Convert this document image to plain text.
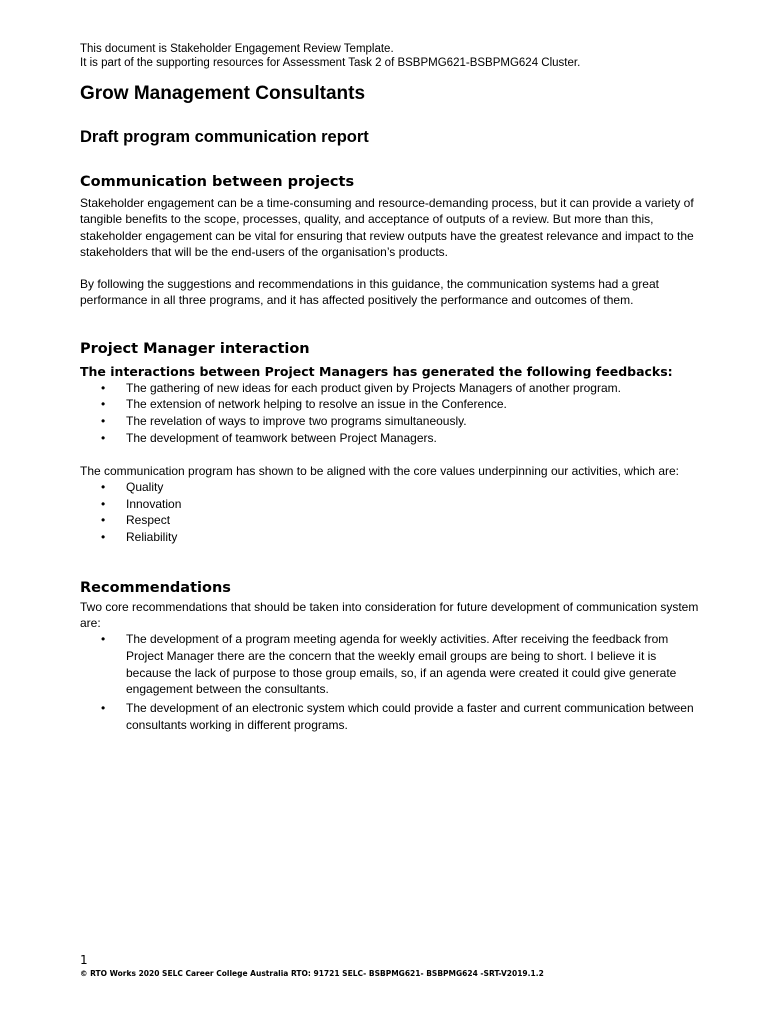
This document is Stakeholder Engagement Review Template.

It is part of the supporting resources for Assessment Task 2 of BSBPMG621-BSBPMG624 Cluster.

Grow Management Consultants
Draft program communication report
Communication between projects

Stakeholder engagement can be a time-consuming and resource-demanding process, but it can provide a variety of tangible benefits to the scope, processes, quality, and acceptance of outputs of a review. But more than this, stakeholder engagement can be vital for ensuring that review outputs have the greatest relevance and impact to the stakeholders that will be the end-users of the organisation’s products.

By following the suggestions and recommendations in this guidance, the communication systems had a great performance in all three programs, and it has affected positively the performance and outcomes of them.

Project Manager interaction

The interactions between Project Managers has generated the following feedbacks:

• The gathering of new ideas for each product given by Projects Managers of another program.
• The extension of network helping to resolve an issue in the Conference.
• The revelation of ways to improve two programs simultaneously.
• The development of teamwork between Project Managers.

The communication program has shown to be aligned with the core values underpinning our activities, which are:

• Quality
• Innovation
• Respect
• Reliability
Recommendations

Two core recommendations that should be taken into consideration for future development of communication system are:

• The development of a program meeting agenda for weekly activities. After receiving the feedback from Project Manager there are the concern that the weekly email groups are being to short. I believe it is because the lack of purpose to those group emails, so, if an agenda were created it could give generate engagement between the consultants.
• The development of an electronic system which could provide a faster and current communication between consultants working in different programs.

1

© RTO Works 2020 SELC Career College Australia RTO: 91721 SELC- BSBPMG621- BSBPMG624 -SRT-V2019.1.2
